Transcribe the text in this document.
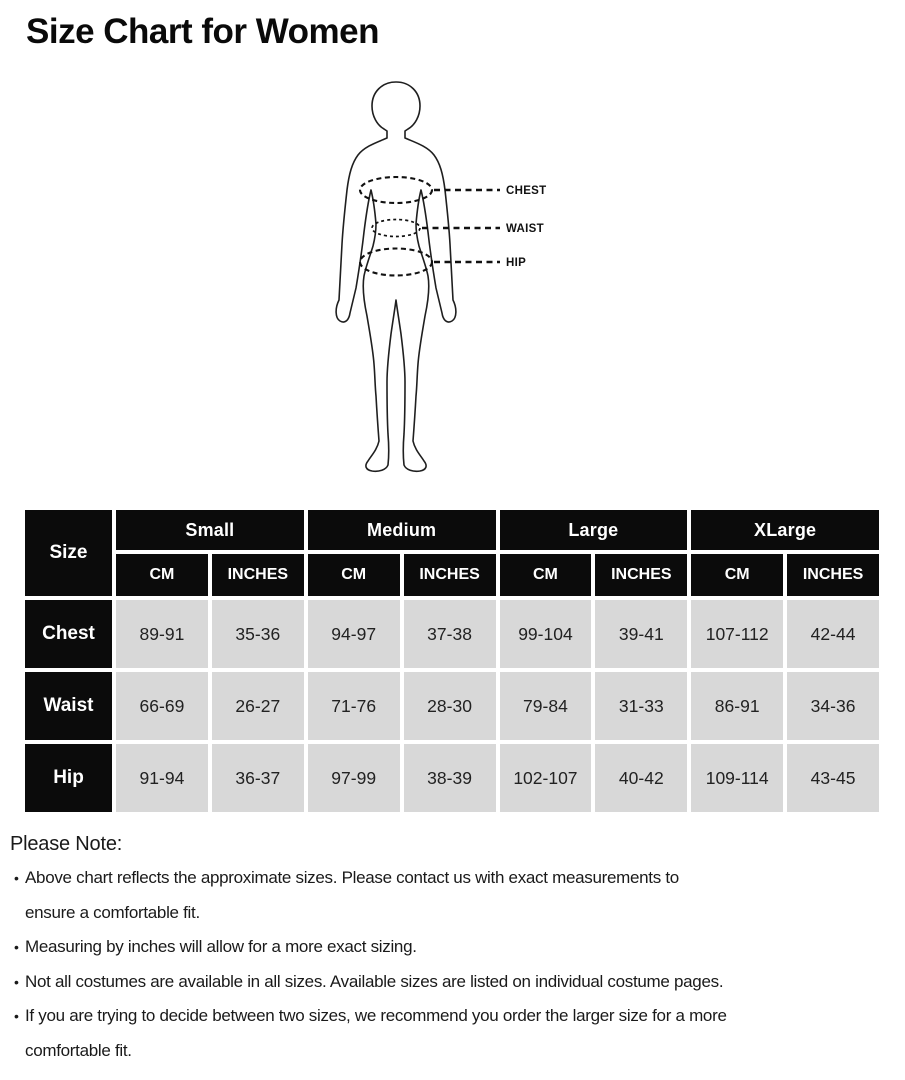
Size Chart for Women
CHEST
WAIST
HIP
Size	Small		Medium		Large		XLarge	
	CM	INCHES	CM	INCHES	CM	INCHES	CM	INCHES
Chest	89-91	35-36	94-97	37-38	99-104	39-41	107-112	42-44
Waist	66-69	26-27	71-76	28-30	79-84	31-33	86-91	34-36
Hip	91-94	36-37	97-99	38-39	102-107	40-42	109-114	43-45
Please Note:
• Above chart reflects the approximate sizes. Please contact us with exact measurements to
ensure a comfortable fit.
• Measuring by inches will allow for a more exact sizing.
• Not all costumes are available in all sizes. Available sizes are listed on individual costume pages.
• If you are trying to decide between two sizes, we recommend you order the larger size for a more
comfortable fit.
